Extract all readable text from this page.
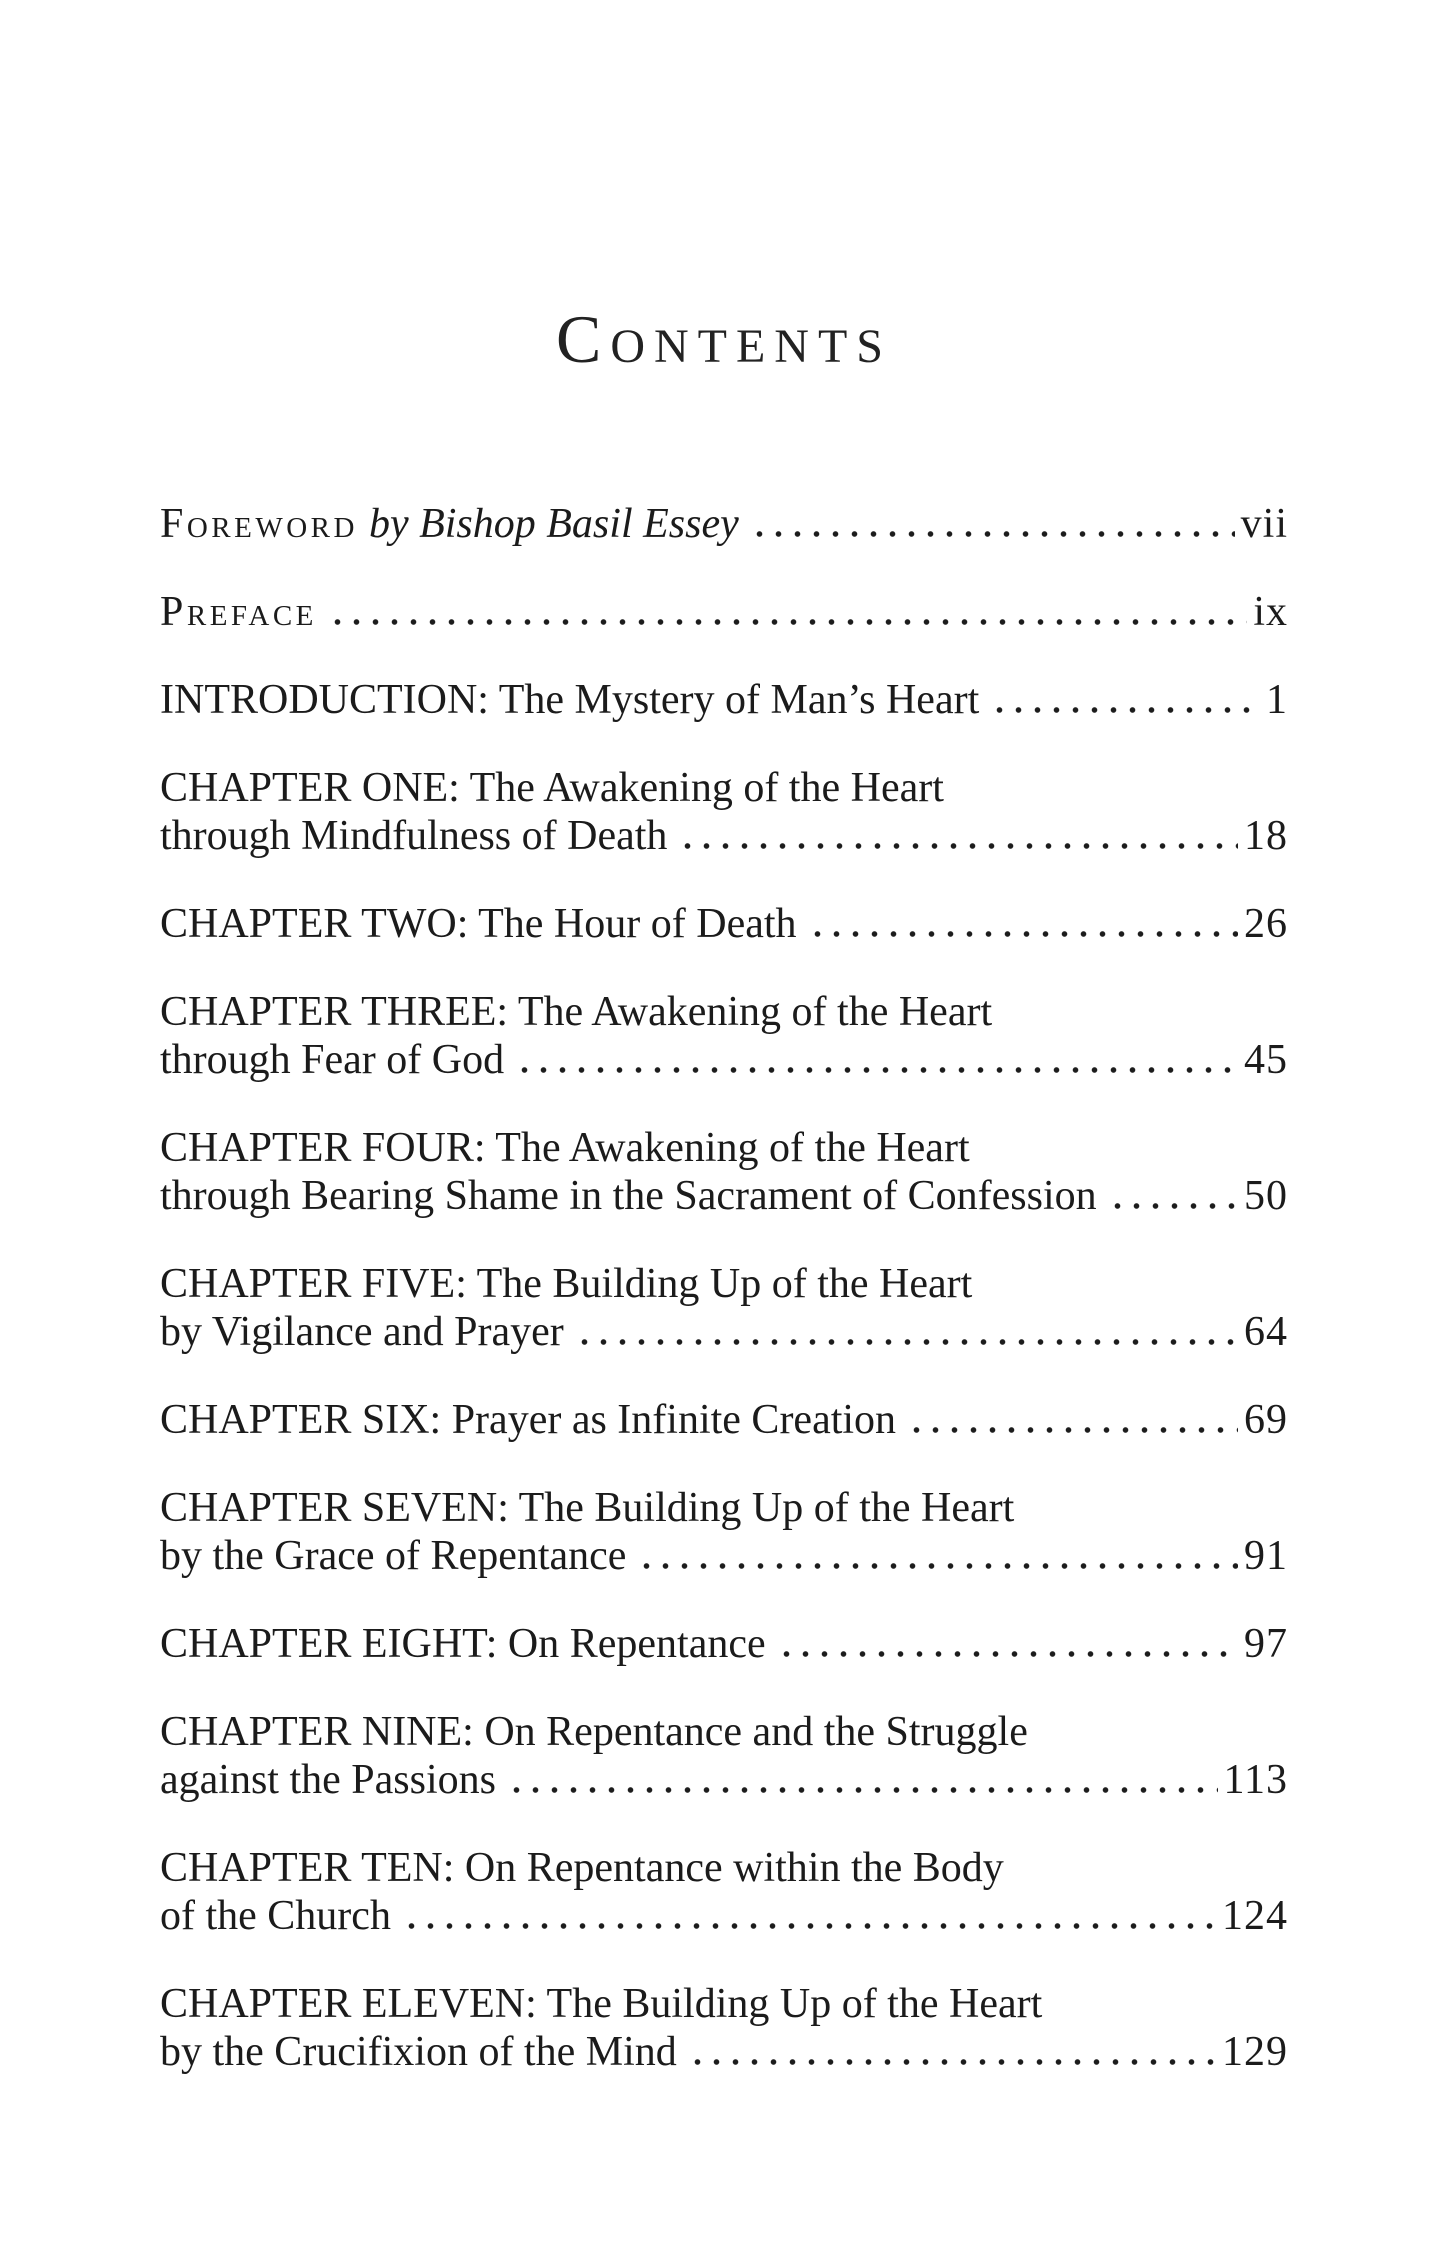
Contents
Foreword by Bishop Basil Essey	vii
Preface	ix
INTRODUCTION: The Mystery of Man’s Heart	1
CHAPTER ONE: The Awakening of the Heart
through Mindfulness of Death	18
CHAPTER TWO: The Hour of Death	26
CHAPTER THREE: The Awakening of the Heart
through Fear of God	45
CHAPTER FOUR: The Awakening of the Heart
through Bearing Shame in the Sacrament of Confession	50
CHAPTER FIVE: The Building Up of the Heart
by Vigilance and Prayer	64
CHAPTER SIX: Prayer as Infinite Creation	69
CHAPTER SEVEN: The Building Up of the Heart
by the Grace of Repentance	91
CHAPTER EIGHT: On Repentance	97
CHAPTER NINE: On Repentance and the Struggle
against the Passions	113
CHAPTER TEN: On Repentance within the Body
of the Church	124
CHAPTER ELEVEN: The Building Up of the Heart
by the Crucifixion of the Mind	129
